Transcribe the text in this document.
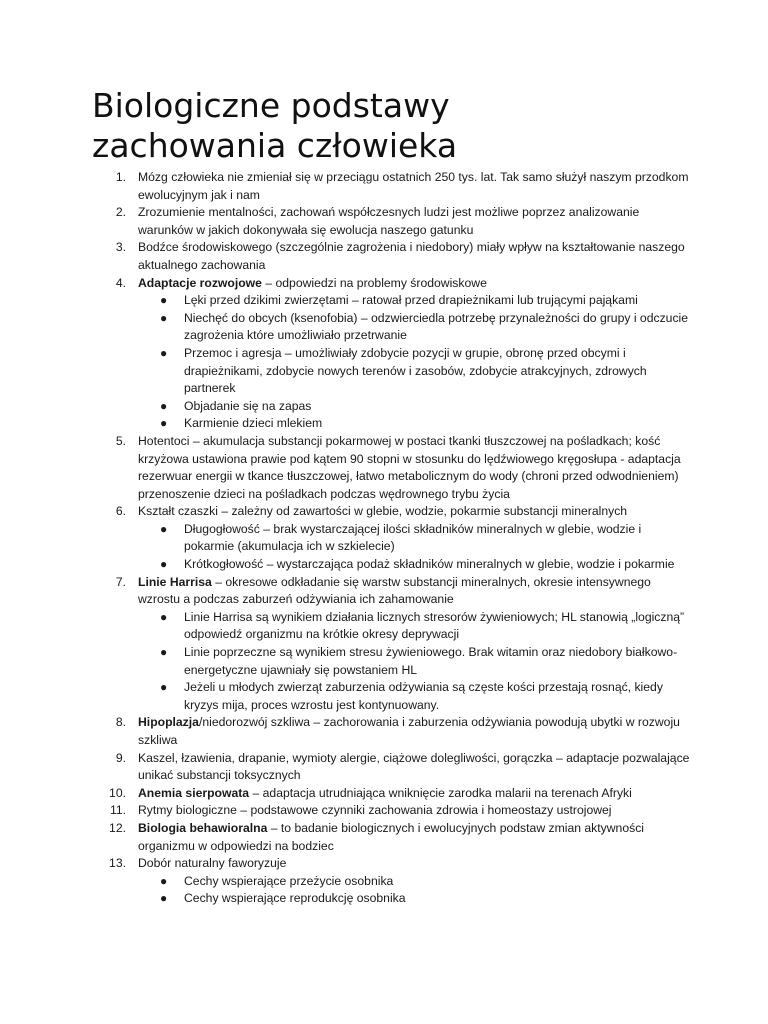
Biologiczne podstawy zachowania człowieka
1. Mózg człowieka nie zmieniał się w przeciągu ostatnich 250 tys. lat. Tak samo służył naszym przodkom ewolucyjnym jak i nam
2. Zrozumienie mentalności, zachowań współczesnych ludzi jest możliwe poprzez analizowanie warunków w jakich dokonywała się ewolucja naszego gatunku
3. Bodźce środowiskowego (szczególnie zagrożenia i niedobory) miały wpływ na kształtowanie naszego aktualnego zachowania
4. Adaptacje rozwojowe – odpowiedzi na problemy środowiskowe
● Lęki przed dzikimi zwierzętami – ratował przed drapieżnikami lub trującymi pająkami
● Niechęć do obcych (ksenofobia) – odzwierciedla potrzebę przynależności do grupy i odczucie zagrożenia które umożliwiało przetrwanie
● Przemoc i agresja – umożliwiały zdobycie pozycji w grupie, obronę przed obcymi i drapieżnikami, zdobycie nowych terenów i zasobów, zdobycie atrakcyjnych, zdrowych partnerek
● Objadanie się na zapas
● Karmienie dzieci mlekiem
5. Hotentoci – akumulacja substancji pokarmowej w postaci tkanki tłuszczowej na pośladkach; kość krzyżowa ustawiona prawie pod kątem 90 stopni w stosunku do lędźwiowego kręgosłupa - adaptacja rezerwuar energii w tkance tłuszczowej, łatwo metabolicznym do wody (chroni przed odwodnieniem) przenoszenie dzieci na pośladkach podczas wędrownego trybu życia
6. Kształt czaszki – zależny od zawartości w glebie, wodzie, pokarmie substancji mineralnych
● Długogłowość – brak wystarczającej ilości składników mineralnych w glebie, wodzie i pokarmie (akumulacja ich w szkielecie)
● Krótkogłowość – wystarczająca podaż składników mineralnych w glebie, wodzie i pokarmie
7. Linie Harrisa – okresowe odkładanie się warstw substancji mineralnych, okresie intensywnego wzrostu a podczas zaburzeń odżywiania ich zahamowanie
● Linie Harrisa są wynikiem działania licznych stresorów żywieniowych; HL stanowią „logiczną” odpowiedź organizmu na krótkie okresy deprywacji
● Linie poprzeczne są wynikiem stresu żywieniowego. Brak witamin oraz niedobory białkowo-energetyczne ujawniały się powstaniem HL
● Jeżeli u młodych zwierząt zaburzenia odżywiania są częste kości przestają rosnąć, kiedy kryzys mija, proces wzrostu jest kontynuowany.
8. Hipoplazja/niedorozwój szkliwa – zachorowania i zaburzenia odżywiania powodują ubytki w rozwoju szkliwa
9. Kaszel, łzawienia, drapanie, wymioty alergie, ciążowe dolegliwości, gorączka – adaptacje pozwalające unikać substancji toksycznych
10. Anemia sierpowata – adaptacja utrudniająca wniknięcie zarodka malarii na terenach Afryki
11. Rytmy biologiczne – podstawowe czynniki zachowania zdrowia i homeostazy ustrojowej
12. Biologia behawioralna – to badanie biologicznych i ewolucyjnych podstaw zmian aktywności organizmu w odpowiedzi na bodziec
13. Dobór naturalny faworyzuje
● Cechy wspierające przeżycie osobnika
● Cechy wspierające reprodukcję osobnika
